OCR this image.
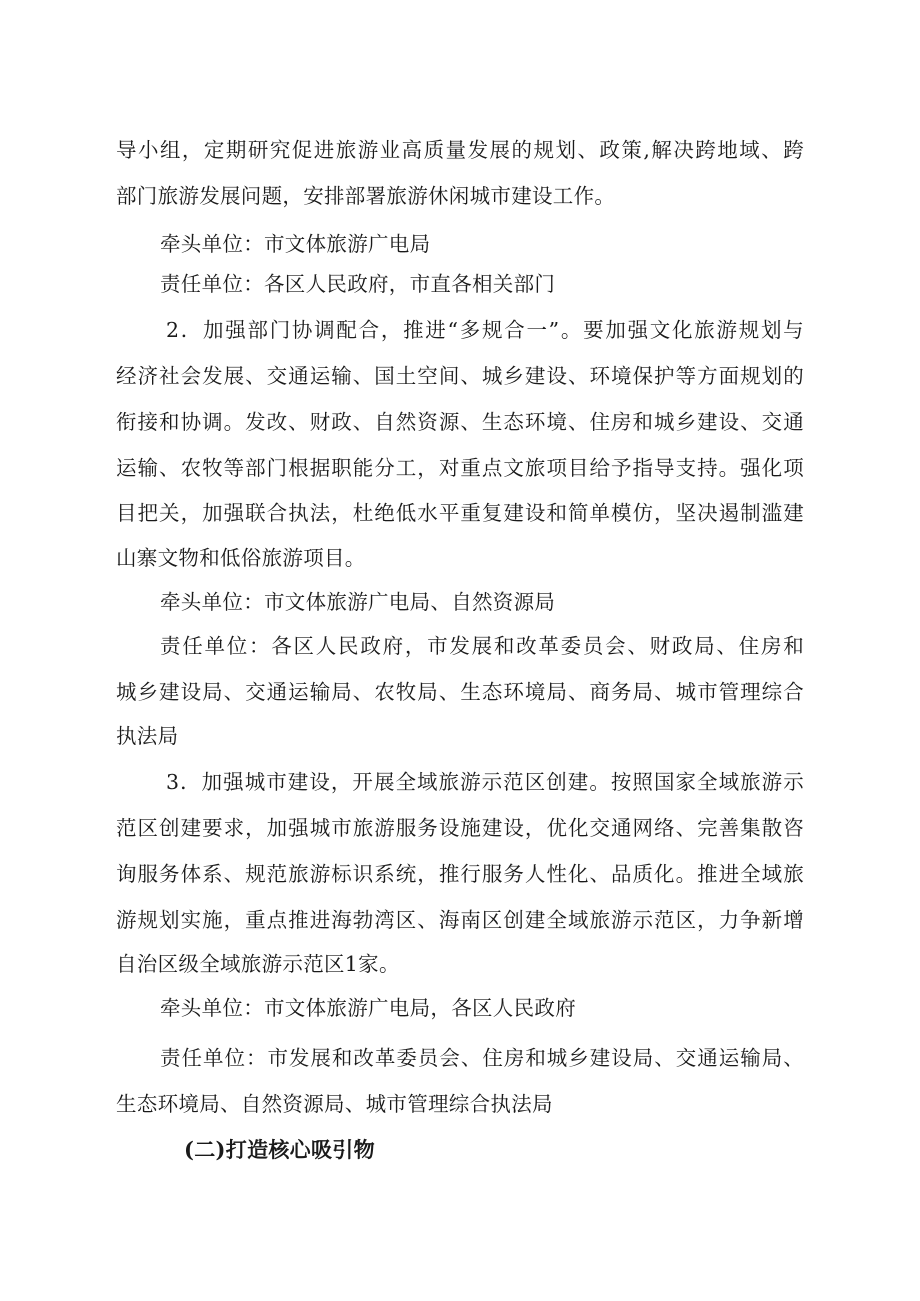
导小组，定期研究促进旅游业高质量发展的规划、政策,解决跨地域、跨
部门旅游发展问题，安排部署旅游休闲城市建设工作。
牵头单位：市文体旅游广电局
责任单位：各区人民政府，市直各相关部门
2．加强部门协调配合，推进“多规合一”。要加强文化旅游规划与
经济社会发展、交通运输、国土空间、城乡建设、环境保护等方面规划的
衔接和协调。发改、财政、自然资源、生态环境、住房和城乡建设、交通
运输、农牧等部门根据职能分工，对重点文旅项目给予指导支持。强化项
目把关，加强联合执法，杜绝低水平重复建设和简单模仿，坚决遏制滥建
山寨文物和低俗旅游项目。
牵头单位：市文体旅游广电局、自然资源局
责任单位：各区人民政府，市发展和改革委员会、财政局、住房和
城乡建设局、交通运输局、农牧局、生态环境局、商务局、城市管理综合
执法局
3．加强城市建设，开展全域旅游示范区创建。按照国家全域旅游示
范区创建要求，加强城市旅游服务设施建设，优化交通网络、完善集散咨
询服务体系、规范旅游标识系统，推行服务人性化、品质化。推进全域旅
游规划实施，重点推进海勃湾区、海南区创建全域旅游示范区，力争新增
自治区级全域旅游示范区1家。
牵头单位：市文体旅游广电局，各区人民政府
责任单位：市发展和改革委员会、住房和城乡建设局、交通运输局、
生态环境局、自然资源局、城市管理综合执法局
(二)打造核心吸引物
